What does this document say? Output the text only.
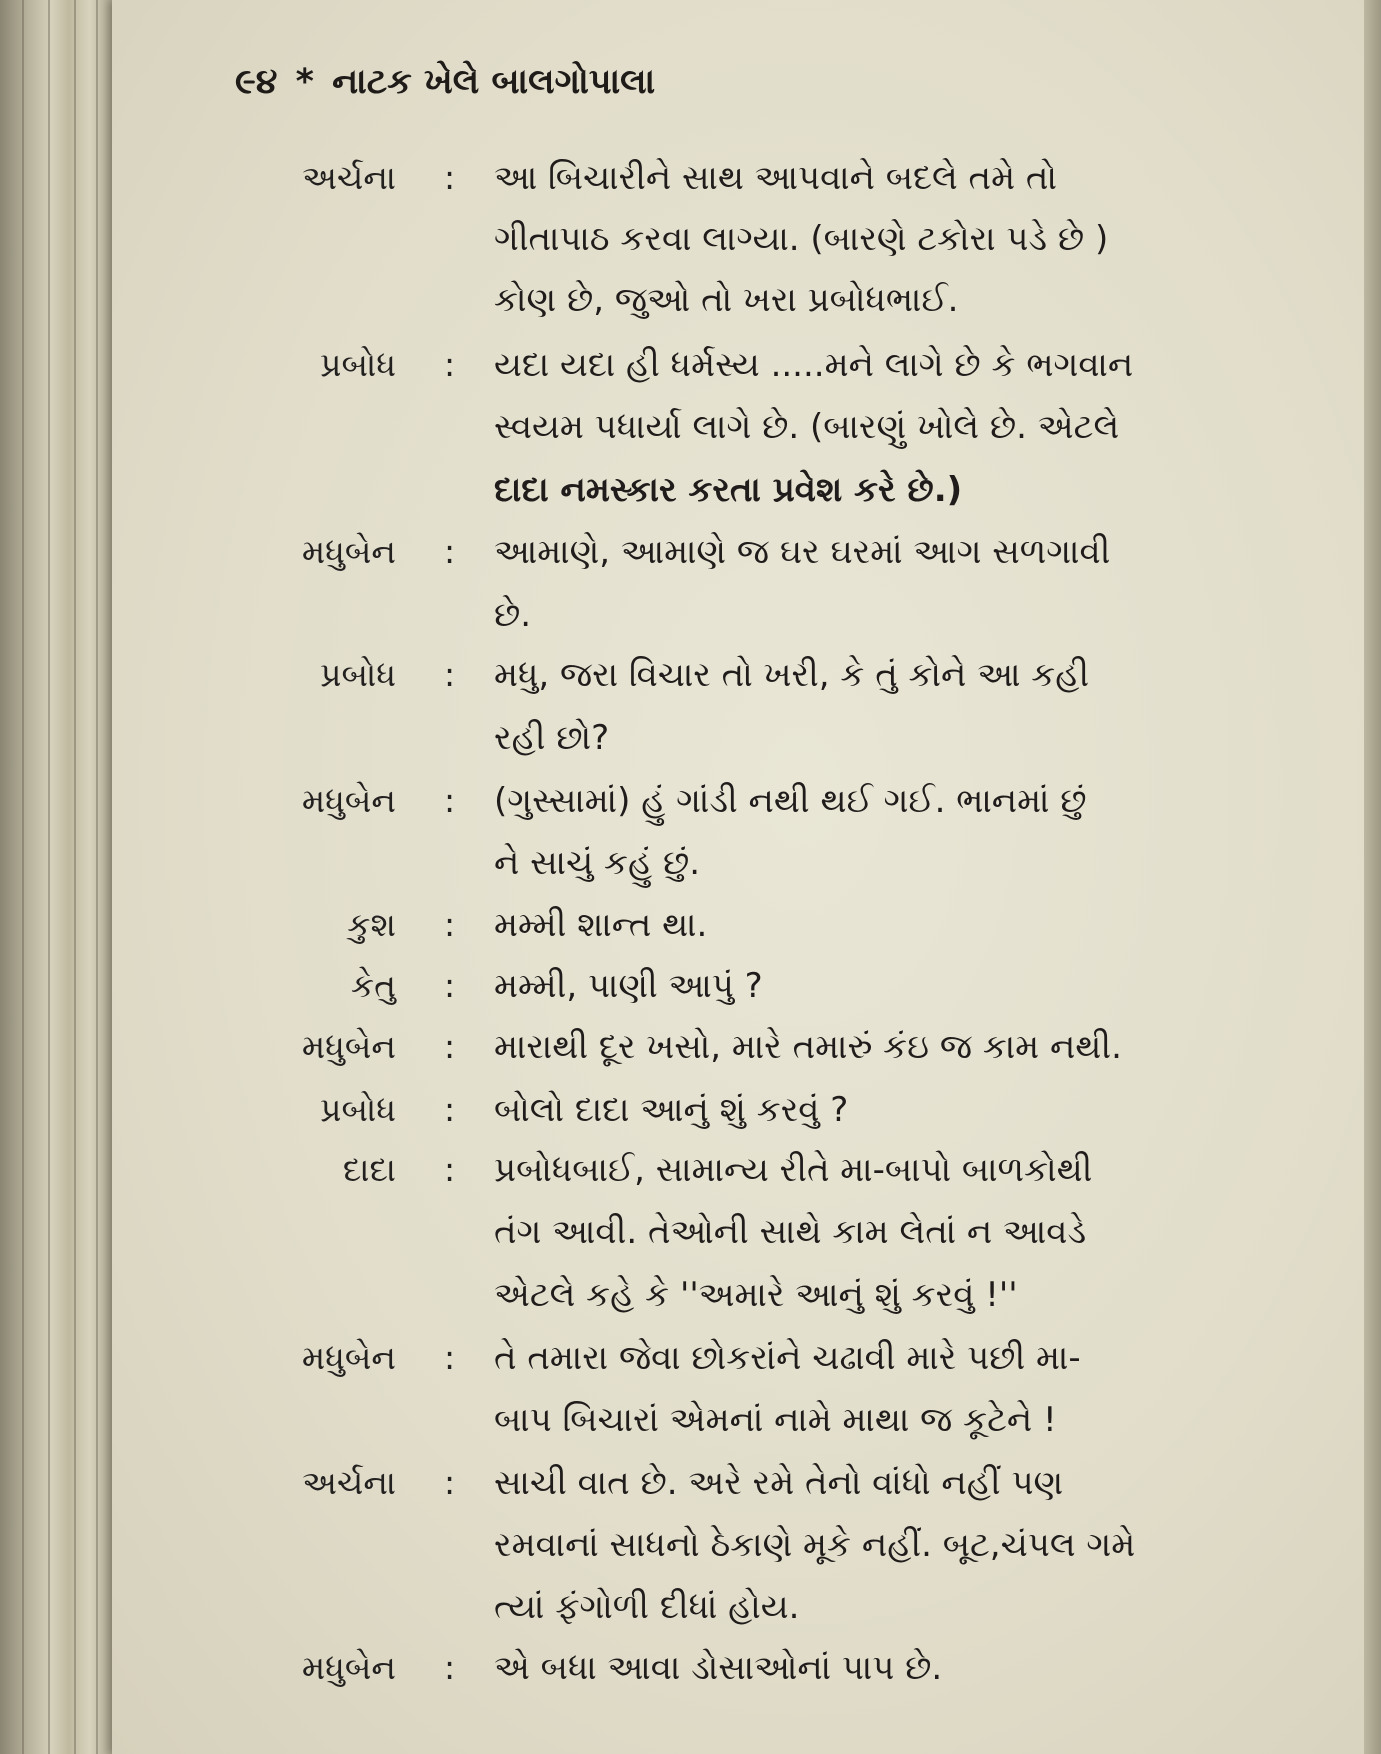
૯૪ * નાટક ખેલે બાલગોપાલા
અર્ચના : આ બિચારીને સાથ આપવાને બદલે તમે તો
ગીતાપાઠ કરવા લાગ્યા. (બારણે ટકોરા પડે છે )
કોણ છે, જુઓ તો ખરા પ્રબોધભાઈ.
પ્રબોધ : યદા યદા હી ધર્મસ્ય .....મને લાગે છે કે ભગવાન
સ્વયમ પધાર્યા લાગે છે. (બારણું ખોલે છે. એટલે
દાદા નમસ્કાર કરતા પ્રવેશ કરે છે.)
મધુબેન : આમાણે, આમાણે જ ઘર ઘરમાં આગ સળગાવી
છે.
પ્રબોધ : મધુ, જરા વિચાર તો ખરી, કે તું કોને આ કહી
રહી છો?
મધુબેન : (ગુસ્સામાં) હું ગાંડી નથી થઈ ગઈ. ભાનમાં છું
ને સાચું કહું છું.
કુશ : મમ્મી શાન્ત થા.
કેતુ : મમ્મી, પાણી આપું ?
મધુબેન : મારાથી દૂર ખસો, મારે તમારું કંઇ જ કામ નથી.
પ્રબોધ : બોલો દાદા આનું શું કરવું ?
દાદા : પ્રબોધબાઈ, સામાન્ય રીતે મા-બાપો બાળકોથી
તંગ આવી. તેઓની સાથે કામ લેતાં ન આવડે
એટલે કહે કે ''અમારે આનું શું કરવું !''
મધુબેન : તે તમારા જેવા છોકરાંને ચઢાવી મારે પછી મા-
બાપ બિચારાં એમનાં નામે માથા જ કૂટેને !
અર્ચના : સાચી વાત છે. અરે રમે તેનો વાંધો નહીં પણ
રમવાનાં સાધનો ઠેકાણે મૂકે નહીં. બૂટ,ચંપલ ગમે
ત્યાં ફંગોળી દીધાં હોય.
મધુબેન : એ બધા આવા ડોસાઓનાં પાપ છે.
